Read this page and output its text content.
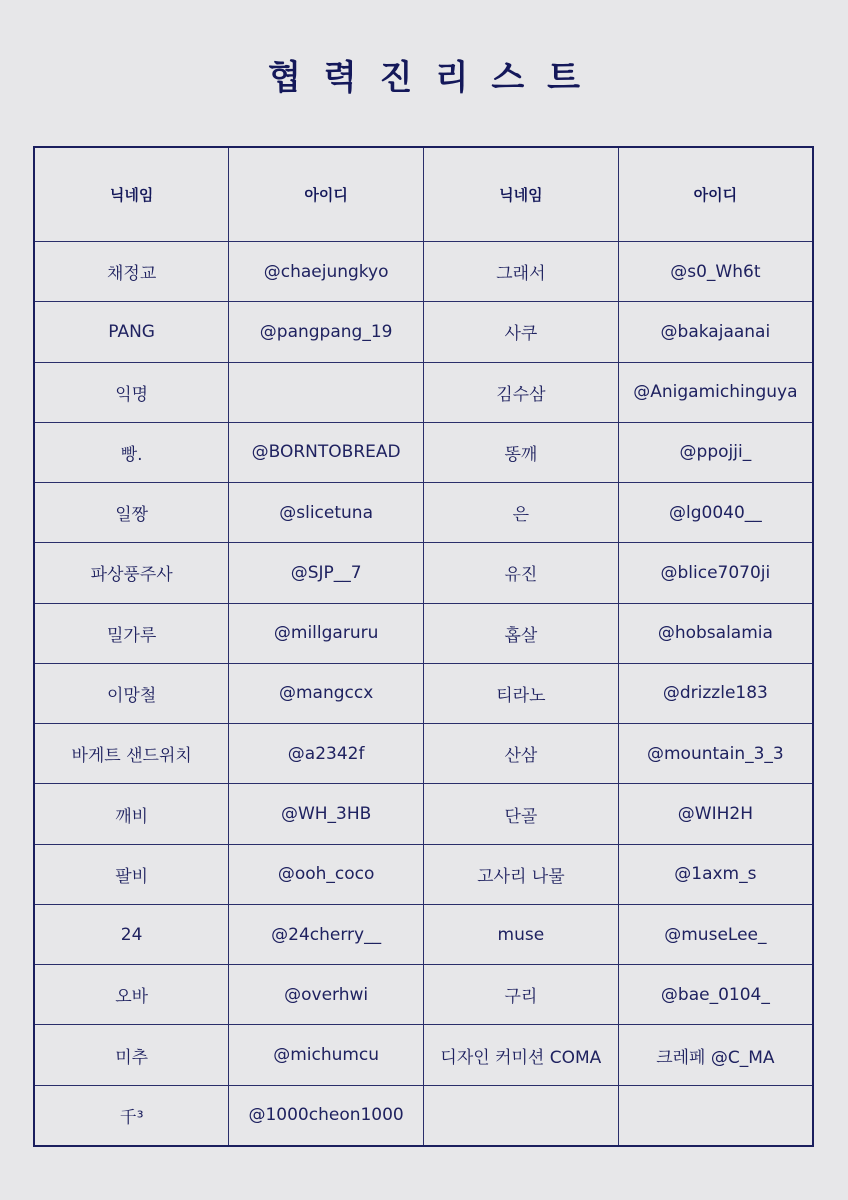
협력진리스트
닉네임	아이디	닉네임	아이디
채정교	@chaejungkyo	그래서	@s0_Wh6t
PANG	@pangpang_19	사쿠	@bakajaanai
익명		김수삼	@Anigamichinguya
빵.	@BORNTOBREAD	똥깨	@ppojji_
일짱	@slicetuna	은	@lg0040__
파상풍주사	@SJP__7	유진	@blice7070ji
밀가루	@millgaruru	홉살	@hobsalamia
이망철	@mangccx	티라노	@drizzle183
바게트 샌드위치	@a2342f	산삼	@mountain_3_3
깨비	@WH_3HB	단골	@WIH2H
팔비	@ooh_coco	고사리 나물	@1axm_s
24	@24cherry__	muse	@museLee_
오바	@overhwi	구리	@bae_0104_
미추	@michumcu	디자인 커미션 COMA	크레페 @C_MA
千³	@1000cheon1000		
